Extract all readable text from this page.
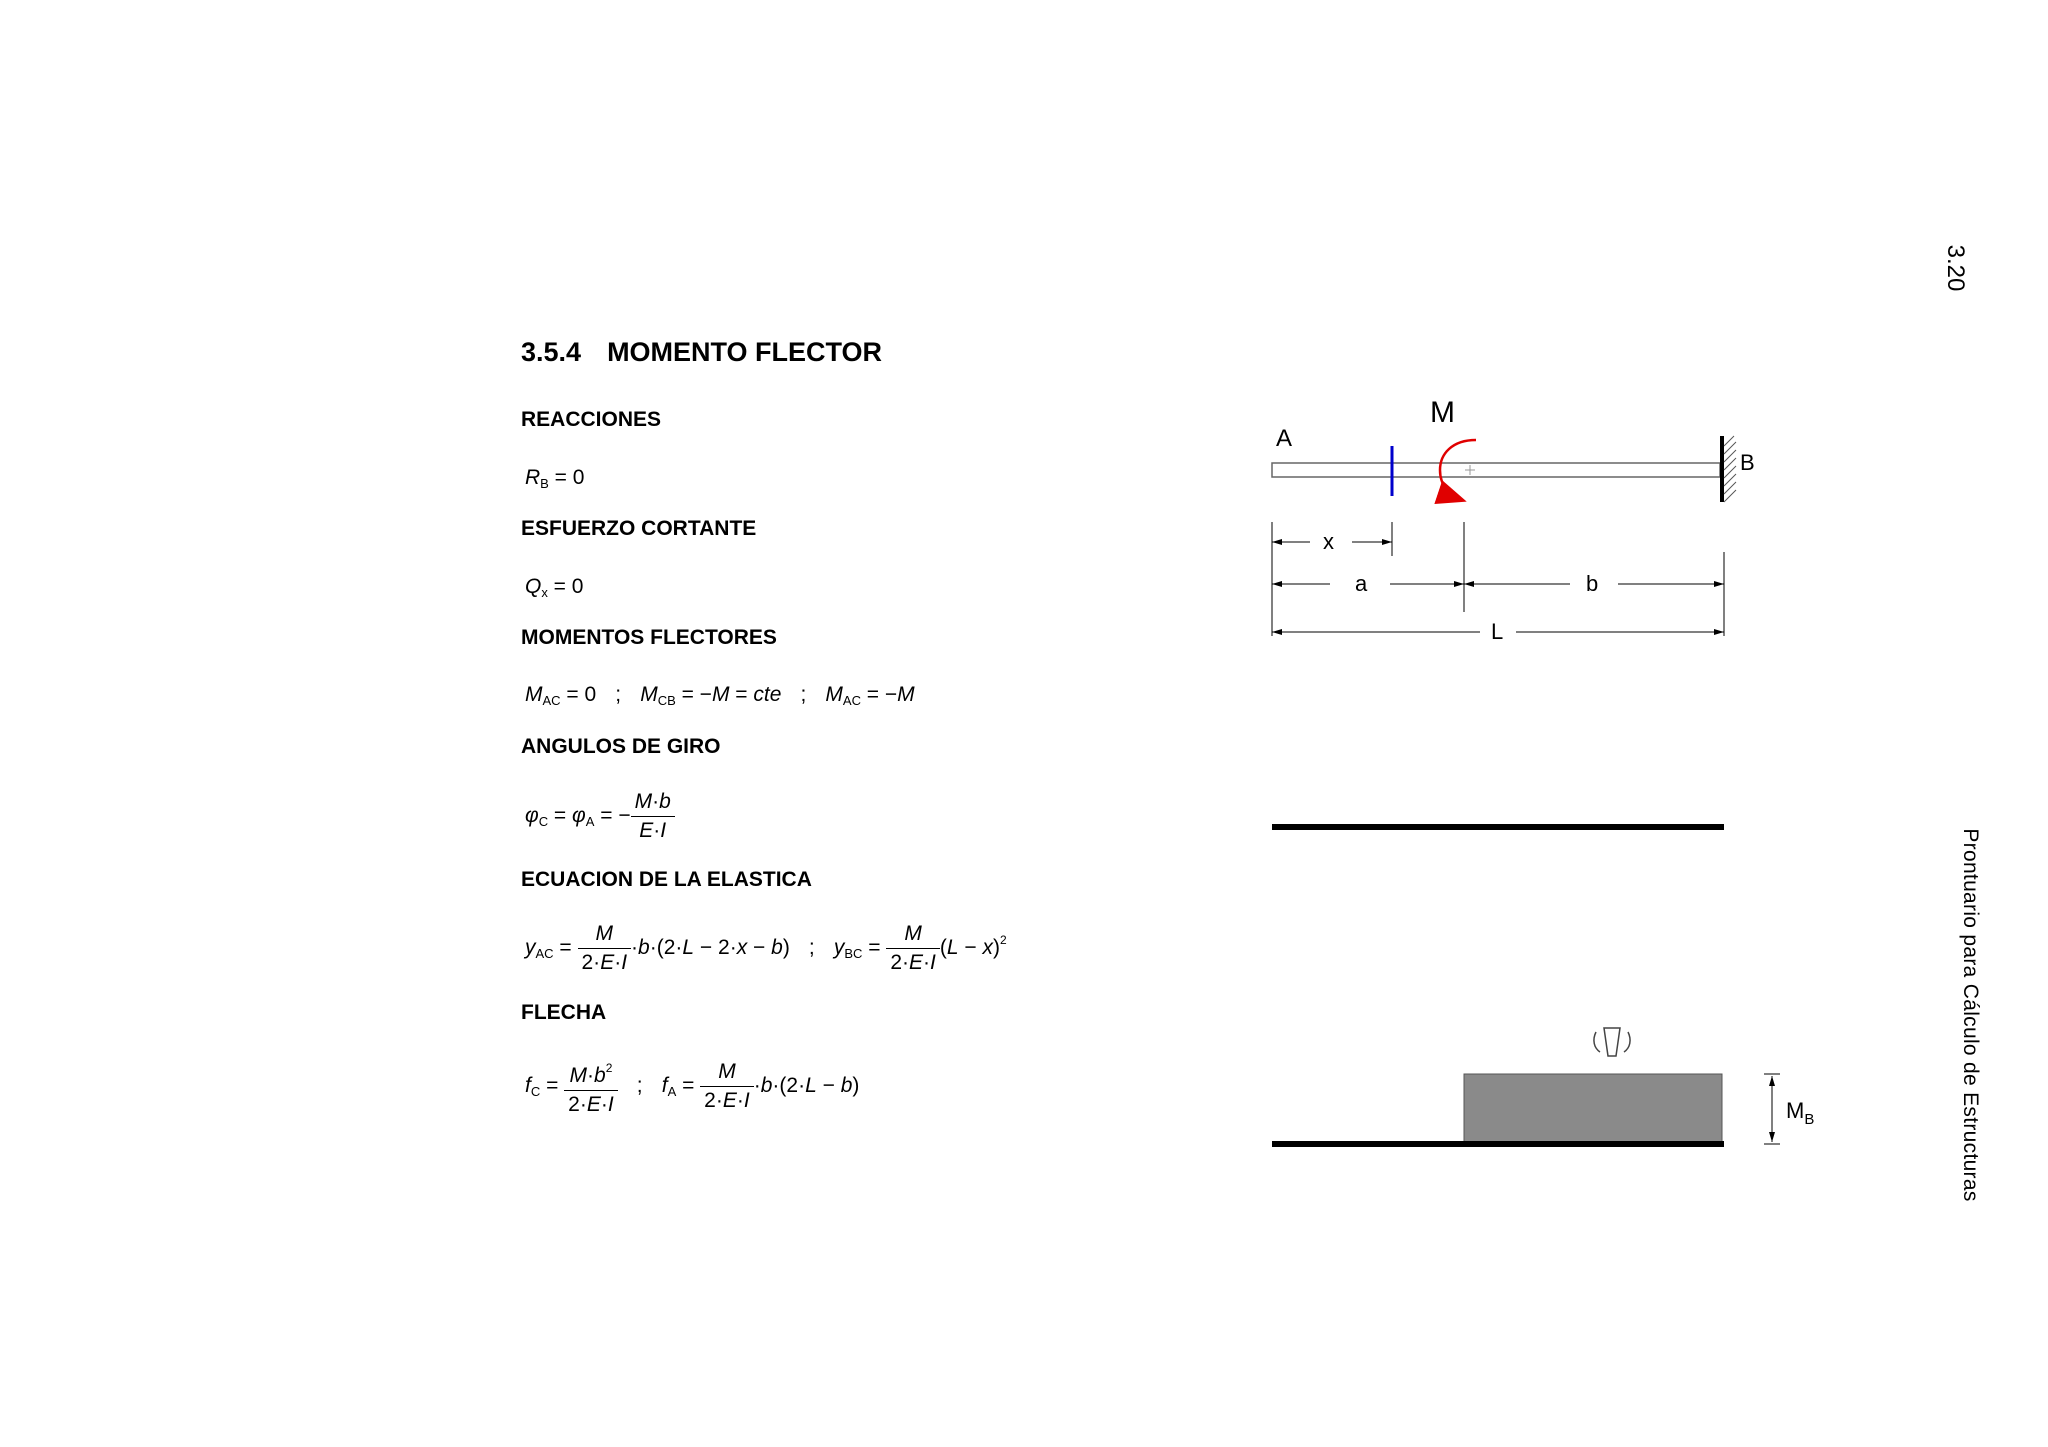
3.20
Prontuario para Cálculo de Estructuras
3.5.4 MOMENTO FLECTOR
REACCIONES
$R_B = 0$
ESFUERZO CORTANTE
$Q_x = 0$
MOMENTOS FLECTORES
$M_{AC} = 0$ ; $M_{CB} = -M$ = cte ; $M_{AC} = -M$
ANGULOS DE GIRO
$\varphi_C = \varphi_A$ = − $\frac{M\cdot b}{E\cdot I}$
ECUACION DE LA ELASTICA
$y_{AC} = \frac{M}{2\cdot E\cdot I} \cdot b\cdot(2\cdot L - 2\cdot x - b)$ ; $y_{BC} = \frac{M}{2\cdot E\cdot I} (L - x)^2$
FLECHA
$f_C = \frac{M\cdot b^2}{2\cdot E\cdot I}$ ; $f_A = \frac{M}{2\cdot E\cdot I} \cdot b\cdot(2\cdot L - b)$
A
M
B
x
a	b
L
$M_B$
